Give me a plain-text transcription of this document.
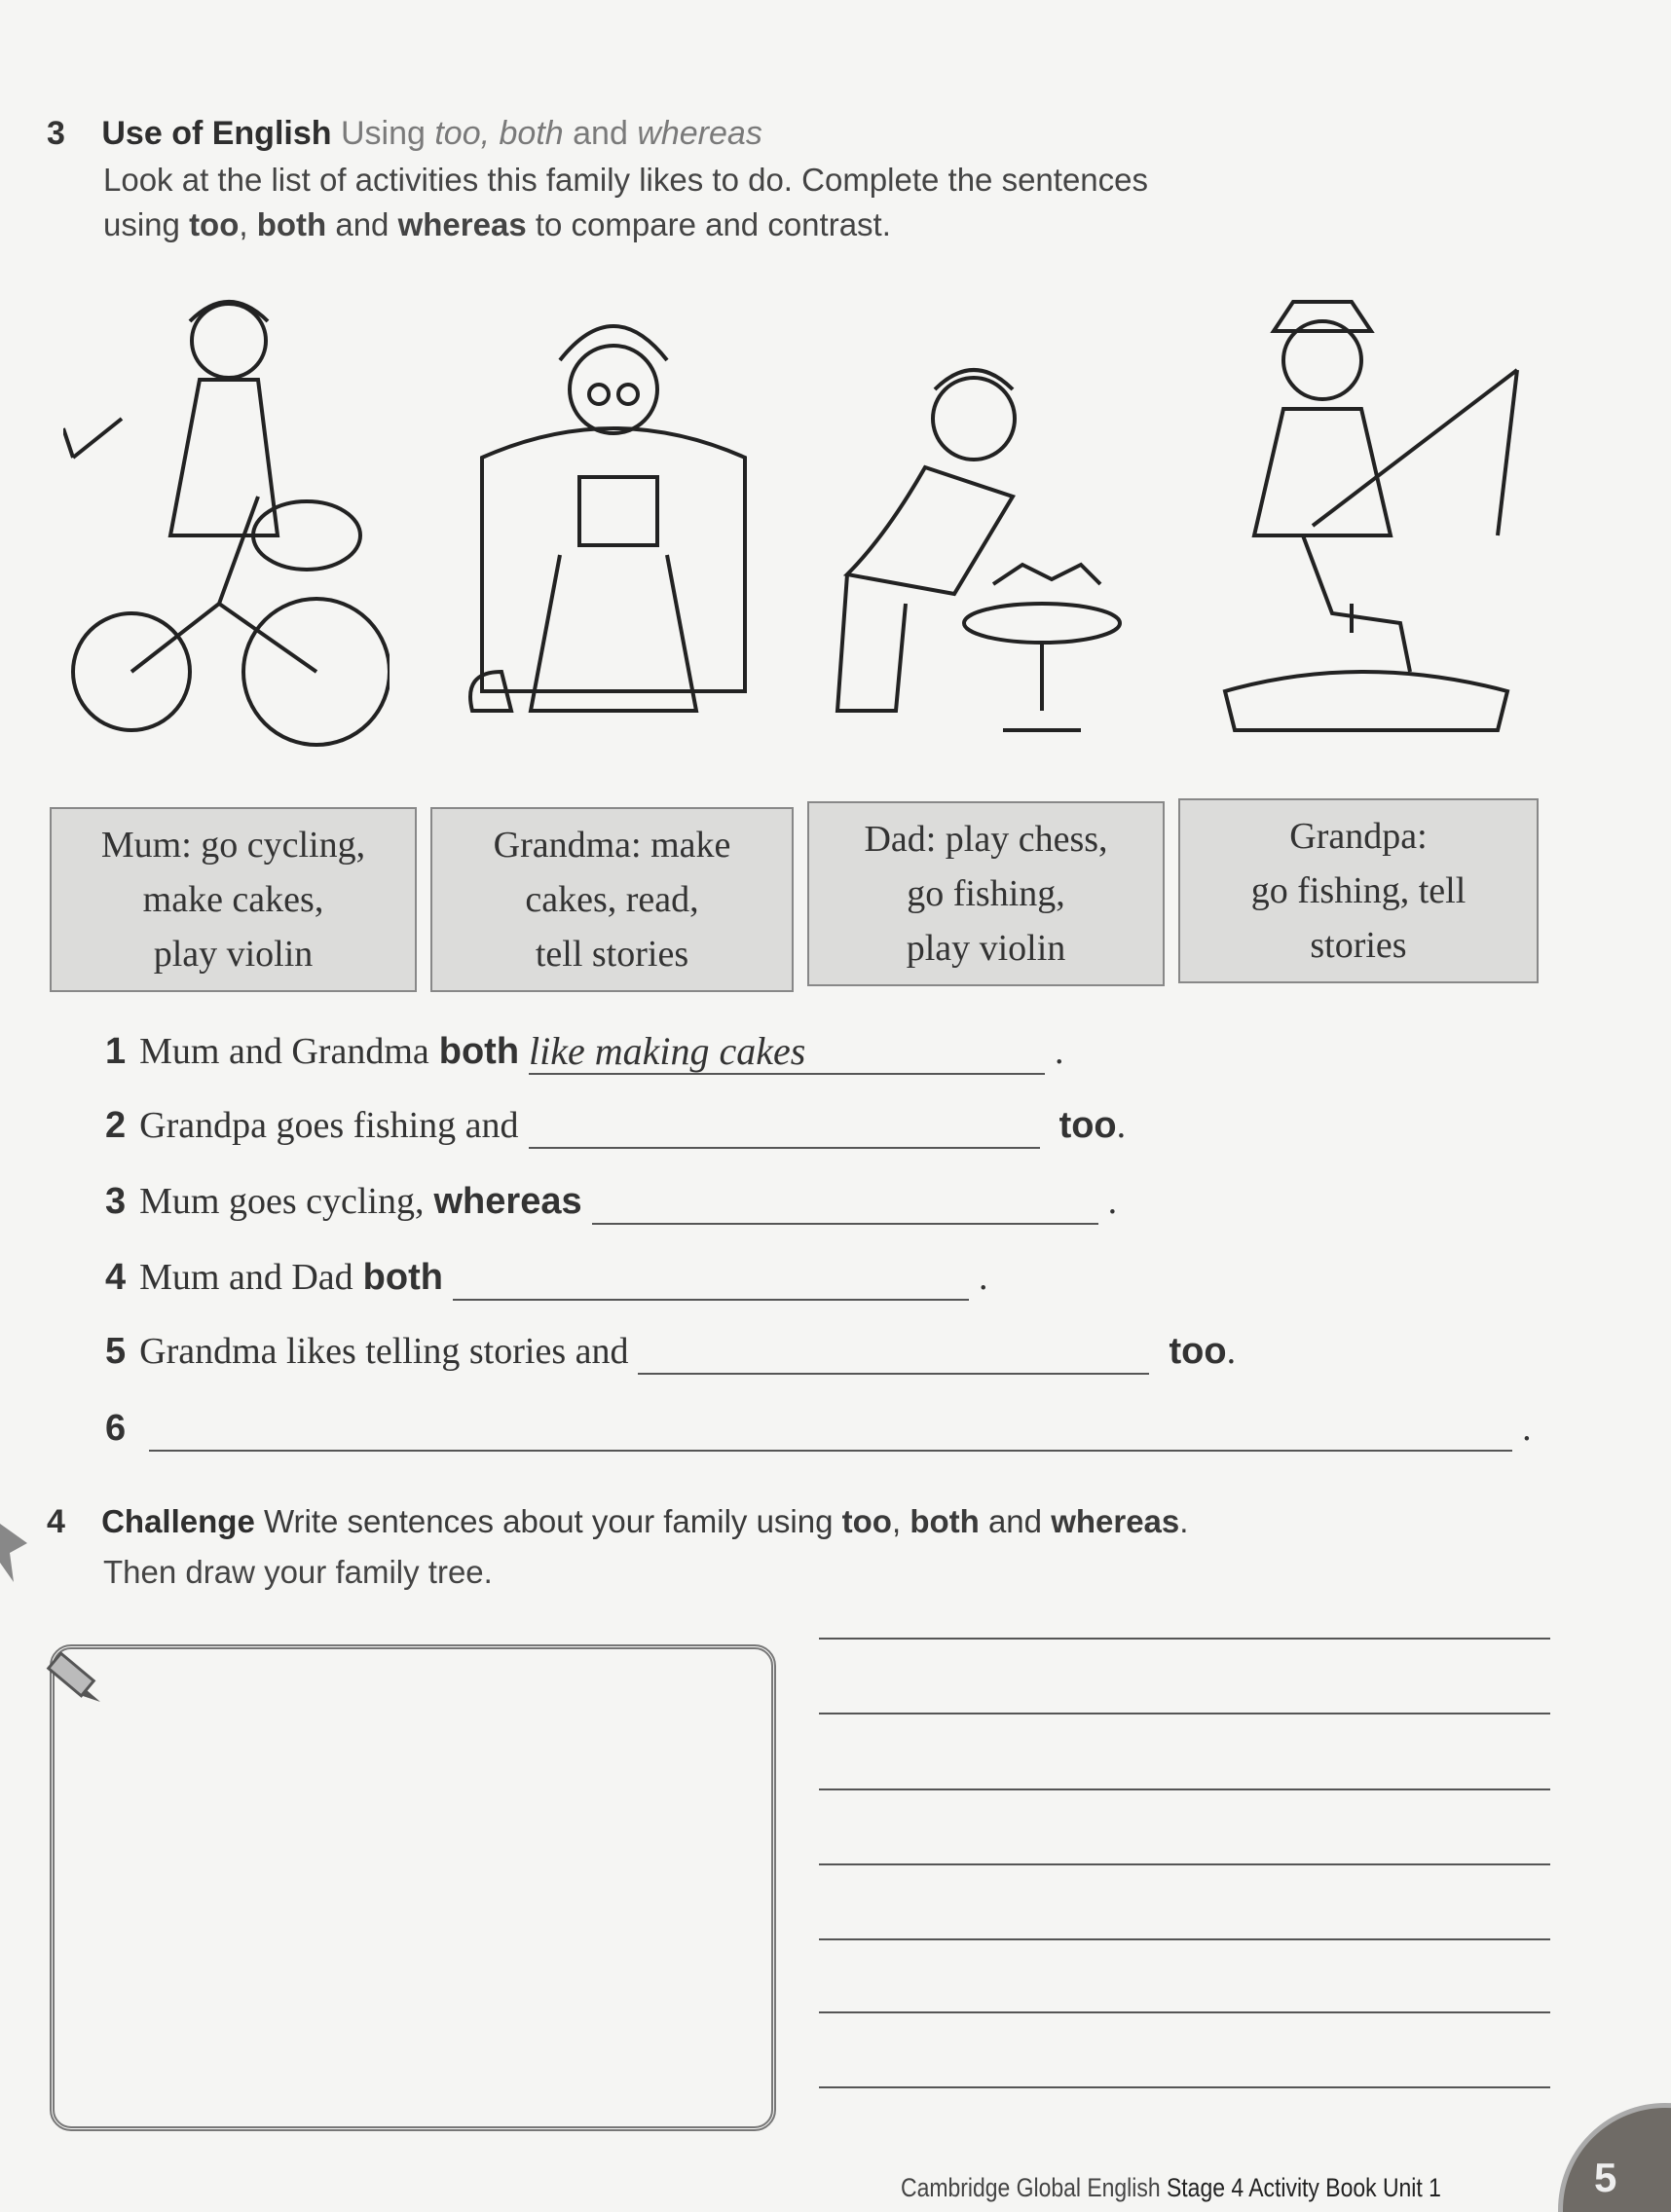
3 Use of English Using too, both and whereas
Look at the list of activities this family likes to do. Complete the sentences
using too, both and whereas to compare and contrast.
Mum: go cycling,
make cakes,
play violin
Grandma: make
cakes, read,
tell stories
Dad: play chess,
go fishing,
play violin
Grandpa:
go fishing, tell
stories
1 Mum and Grandma both like making cakes	.
2 Grandpa goes fishing and	too .
3 Mum goes cycling, whereas	.
4 Mum and Dad both	.
5 Grandma likes telling stories and	too .
6	.
4 Challenge Write sentences about your family using too, both and whereas.
Then draw your family tree.
Cambridge Global English Stage 4 Activity Book Unit 1	5
